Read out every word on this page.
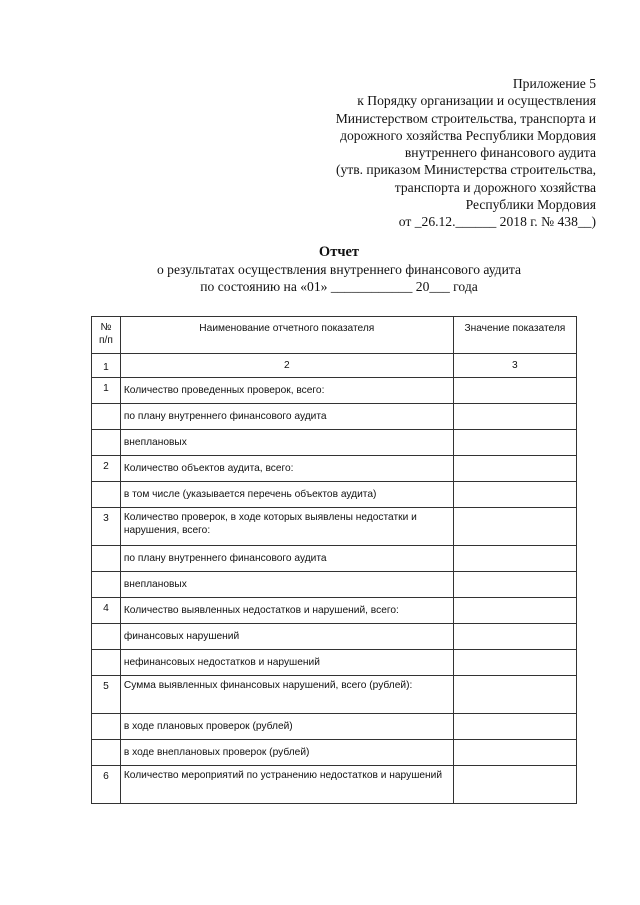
Приложение 5
к Порядку организации и осуществления
Министерством строительства, транспорта и
дорожного хозяйства Республики Мордовия
внутреннего финансового аудита
(утв. приказом Министерства строительства,
транспорта и дорожного хозяйства
Республики Мордовия
от _26.12.______ 2018 г. № 438__)
Отчет
о результатах осуществления внутреннего финансового аудита
по состоянию на «01» ____________ 20___ года
№ п/п	Наименование отчетного показателя	Значение показателя
1	2	3
1	Количество проведенных проверок, всего:	
	по плану внутреннего финансового аудита	
	внеплановых	
2	Количество объектов аудита, всего:	
	в том числе (указывается перечень объектов аудита)	
3	Количество проверок, в ходе которых выявлены недостатки и нарушения, всего:	
	по плану внутреннего финансового аудита	
	внеплановых	
4	Количество выявленных недостатков и нарушений, всего:	
	финансовых нарушений	
	нефинансовых недостатков и нарушений	
5	Сумма выявленных финансовых нарушений, всего (рублей):	
	в ходе плановых проверок (рублей)	
	в ходе внеплановых проверок (рублей)	
6	Количество мероприятий по устранению недостатков и нарушений	
